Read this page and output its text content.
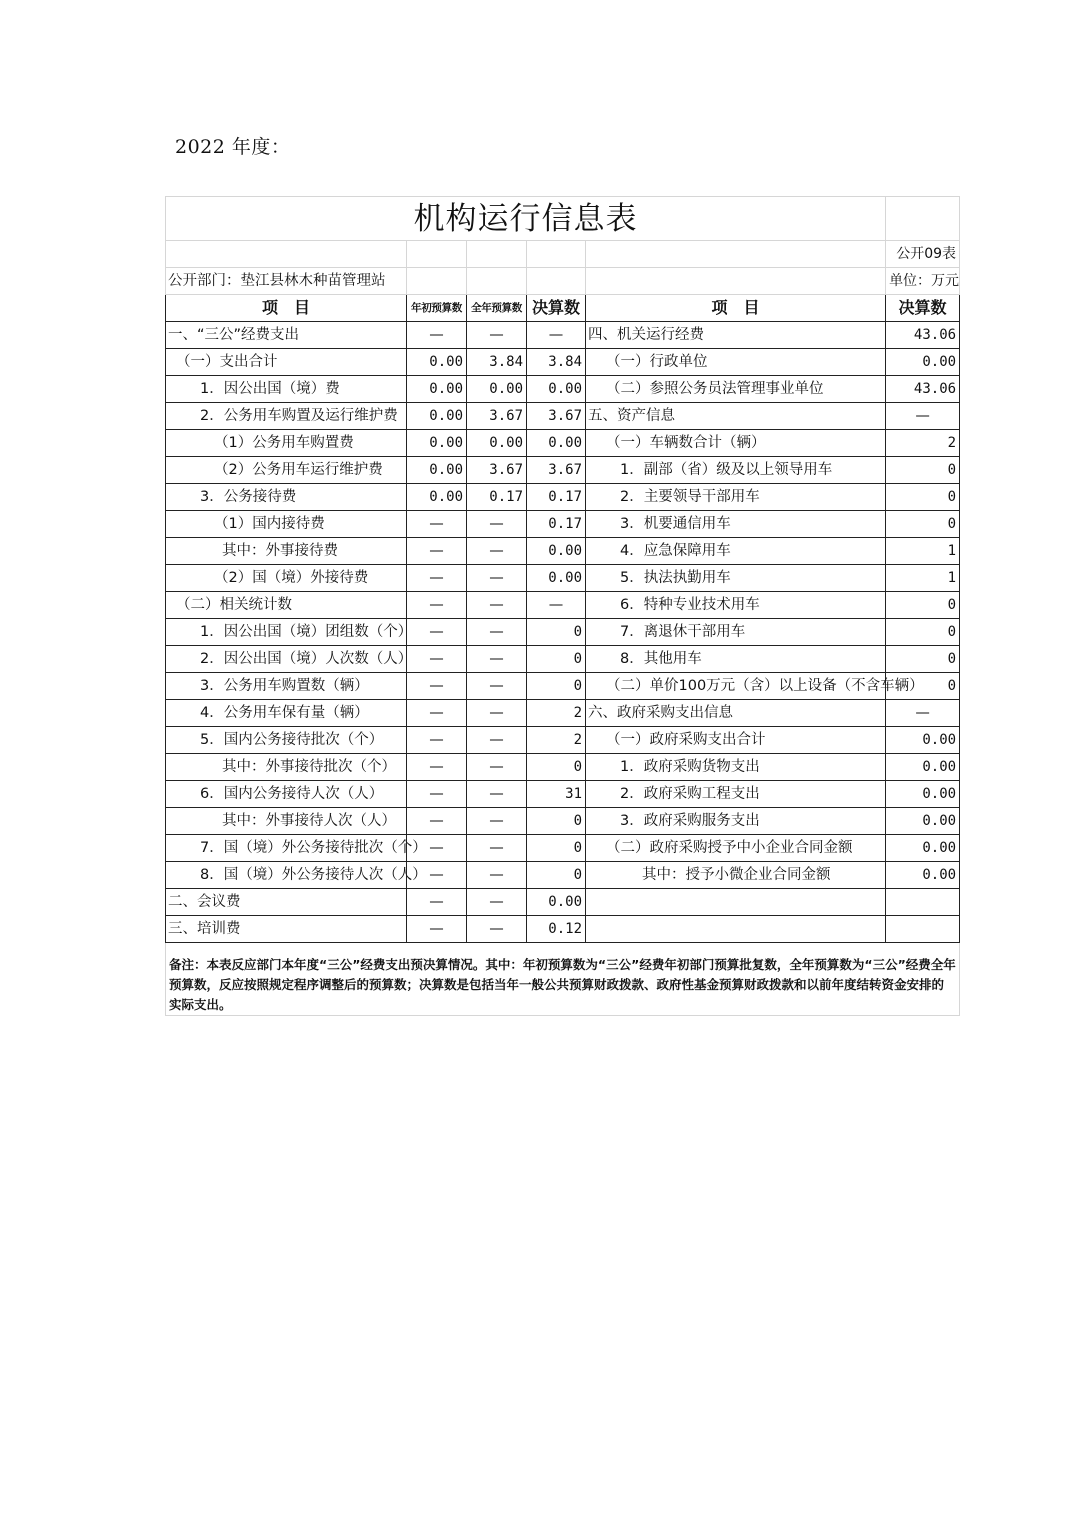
2022 年度：
机构运行信息表					
					公开09表
公开部门：垫江县林木种苗管理站					单位：万元
项　目	年初预算数	全年预算数	决算数	项　目	决算数
一、“三公”经费支出	—	—	—	四、机关运行经费	43.06
（一）支出合计	0.00	3.84	3.84	（一）行政单位	0.00
1．因公出国（境）费	0.00	0.00	0.00	（二）参照公务员法管理事业单位	43.06
2．公务用车购置及运行维护费	0.00	3.67	3.67	五、资产信息	—
（1）公务用车购置费	0.00	0.00	0.00	（一）车辆数合计（辆）	2
（2）公务用车运行维护费	0.00	3.67	3.67	1．副部（省）级及以上领导用车	0
3．公务接待费	0.00	0.17	0.17	2．主要领导干部用车	0
（1）国内接待费	—	—	0.17	3．机要通信用车	0
其中：外事接待费	—	—	0.00	4．应急保障用车	1
（2）国（境）外接待费	—	—	0.00	5．执法执勤用车	1
（二）相关统计数	—	—	—	6．特种专业技术用车	0
1．因公出国（境）团组数（个）	—	—	0	7．离退休干部用车	0
2．因公出国（境）人次数（人）	—	—	0	8．其他用车	0
3．公务用车购置数（辆）	—	—	0	（二）单价100万元（含）以上设备（不含车辆）	0
4．公务用车保有量（辆）	—	—	2	六、政府采购支出信息	—
5．国内公务接待批次（个）	—	—	2	（一）政府采购支出合计	0.00
其中：外事接待批次（个）	—	—	0	1．政府采购货物支出	0.00
6．国内公务接待人次（人）	—	—	31	2．政府采购工程支出	0.00
其中：外事接待人次（人）	—	—	0	3．政府采购服务支出	0.00
7．国（境）外公务接待批次（个）	—	—	0	（二）政府采购授予中小企业合同金额	0.00
8．国（境）外公务接待人次（人）	—	—	0	其中：授予小微企业合同金额	0.00
二、会议费	—	—	0.00		
三、培训费	—	—	0.12		
备注：本表反应部门本年度“三公”经费支出预决算情况。其中：年初预算数为“三公”经费年初部门预算批复数，全年预算数为“三公”经费全年预算数，反应按照规定程序调整后的预算数；决算数是包括当年一般公共预算财政拨款、政府性基金预算财政拨款和以前年度结转资金安排的实际支出。					
